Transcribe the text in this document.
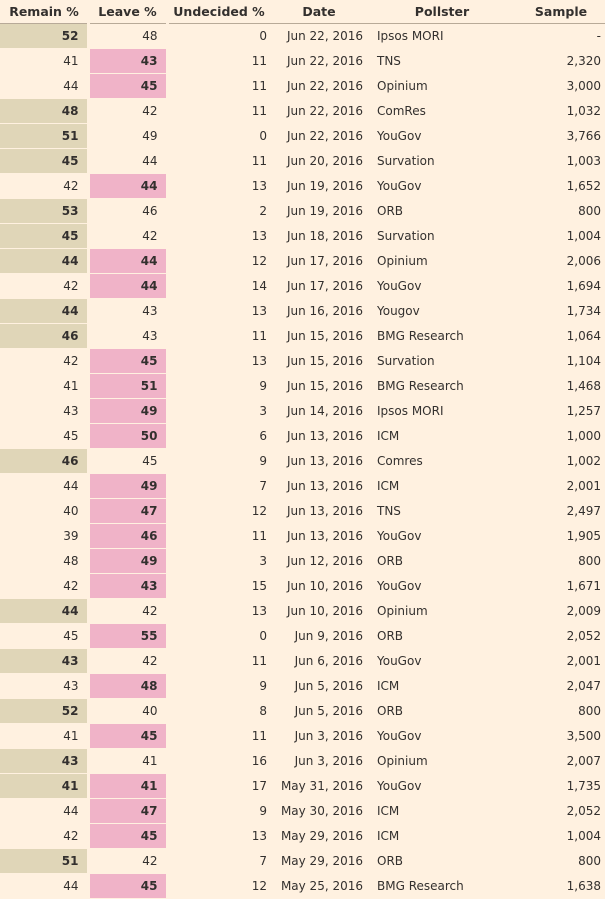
Remain %	Leave %	Undecided %	Date	Pollster	Sample
52	48	0	Jun 22, 2016	Ipsos MORI	-
41	43	11	Jun 22, 2016	TNS	2,320
44	45	11	Jun 22, 2016	Opinium	3,000
48	42	11	Jun 22, 2016	ComRes	1,032
51	49	0	Jun 22, 2016	YouGov	3,766
45	44	11	Jun 20, 2016	Survation	1,003
42	44	13	Jun 19, 2016	YouGov	1,652
53	46	2	Jun 19, 2016	ORB	800
45	42	13	Jun 18, 2016	Survation	1,004
44	44	12	Jun 17, 2016	Opinium	2,006
42	44	14	Jun 17, 2016	YouGov	1,694
44	43	13	Jun 16, 2016	Yougov	1,734
46	43	11	Jun 15, 2016	BMG Research	1,064
42	45	13	Jun 15, 2016	Survation	1,104
41	51	9	Jun 15, 2016	BMG Research	1,468
43	49	3	Jun 14, 2016	Ipsos MORI	1,257
45	50	6	Jun 13, 2016	ICM	1,000
46	45	9	Jun 13, 2016	Comres	1,002
44	49	7	Jun 13, 2016	ICM	2,001
40	47	12	Jun 13, 2016	TNS	2,497
39	46	11	Jun 13, 2016	YouGov	1,905
48	49	3	Jun 12, 2016	ORB	800
42	43	15	Jun 10, 2016	YouGov	1,671
44	42	13	Jun 10, 2016	Opinium	2,009
45	55	0	Jun 9, 2016	ORB	2,052
43	42	11	Jun 6, 2016	YouGov	2,001
43	48	9	Jun 5, 2016	ICM	2,047
52	40	8	Jun 5, 2016	ORB	800
41	45	11	Jun 3, 2016	YouGov	3,500
43	41	16	Jun 3, 2016	Opinium	2,007
41	41	17	May 31, 2016	YouGov	1,735
44	47	9	May 30, 2016	ICM	2,052
42	45	13	May 29, 2016	ICM	1,004
51	42	7	May 29, 2016	ORB	800
44	45	12	May 25, 2016	BMG Research	1,638
